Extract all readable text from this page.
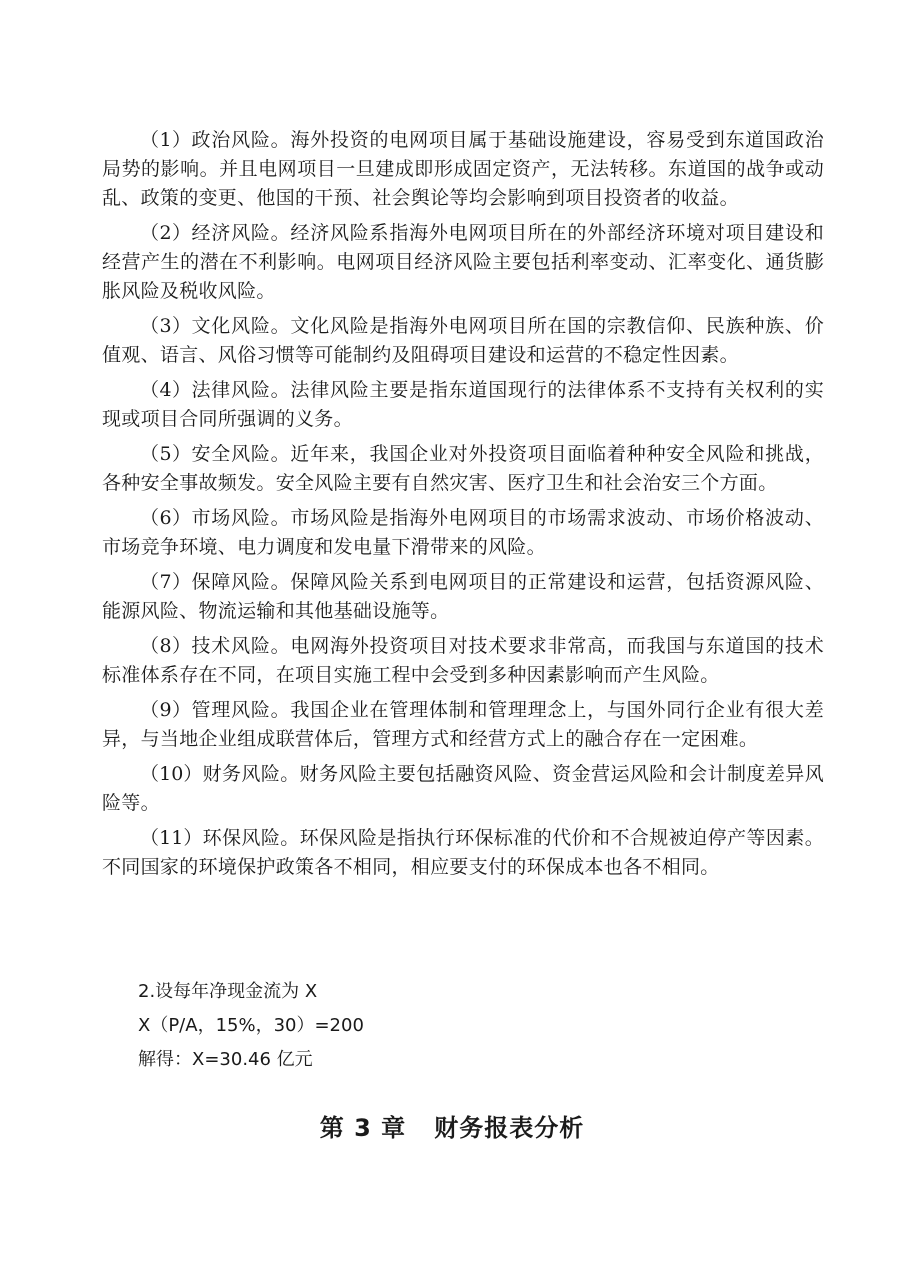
（1）政治风险。海外投资的电网项目属于基础设施建设，容易受到东道国政治局势的影响。并且电网项目一旦建成即形成固定资产，无法转移。东道国的战争或动乱、政策的变更、他国的干预、社会舆论等均会影响到项目投资者的收益。

（2）经济风险。经济风险系指海外电网项目所在的外部经济环境对项目建设和经营产生的潜在不利影响。电网项目经济风险主要包括利率变动、汇率变化、通货膨胀风险及税收风险。

（3）文化风险。文化风险是指海外电网项目所在国的宗教信仰、民族种族、价值观、语言、风俗习惯等可能制约及阻碍项目建设和运营的不稳定性因素。

（4）法律风险。法律风险主要是指东道国现行的法律体系不支持有关权利的实现或项目合同所强调的义务。

（5）安全风险。近年来，我国企业对外投资项目面临着种种安全风险和挑战，各种安全事故频发。安全风险主要有自然灾害、医疗卫生和社会治安三个方面。

（6）市场风险。市场风险是指海外电网项目的市场需求波动、市场价格波动、市场竞争环境、电力调度和发电量下滑带来的风险。

（7）保障风险。保障风险关系到电网项目的正常建设和运营，包括资源风险、能源风险、物流运输和其他基础设施等。

（8）技术风险。电网海外投资项目对技术要求非常高，而我国与东道国的技术标准体系存在不同，在项目实施工程中会受到多种因素影响而产生风险。

（9）管理风险。我国企业在管理体制和管理理念上，与国外同行企业有很大差异，与当地企业组成联营体后，管理方式和经营方式上的融合存在一定困难。

（10）财务风险。财务风险主要包括融资风险、资金营运风险和会计制度差异风险等。

（11）环保风险。环保风险是指执行环保标准的代价和不合规被迫停产等因素。不同国家的环境保护政策各不相同，相应要支付的环保成本也各不相同。

2.设每年净现金流为 X
X（P/A，15%，30）=200
解得：X=30.46 亿元
第 3 章   财务报表分析
